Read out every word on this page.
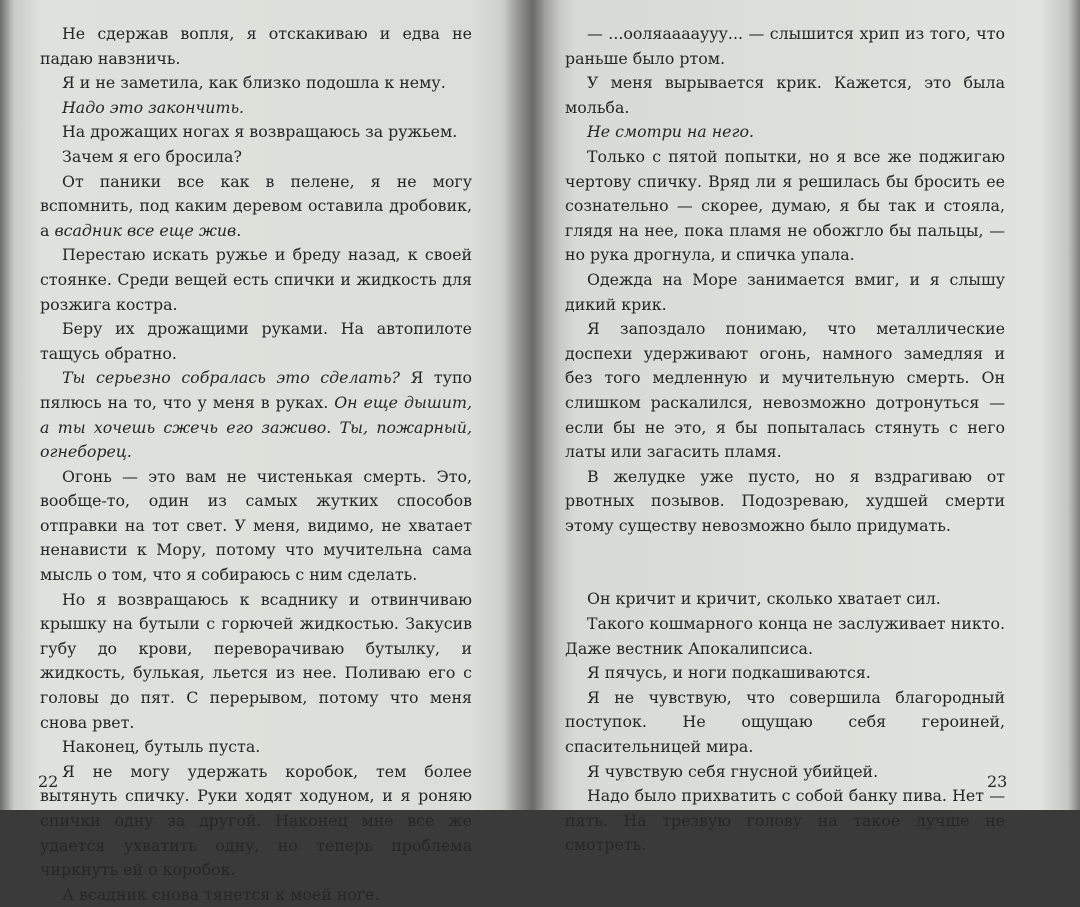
Не сдержав вопля, я отскакиваю и едва не падаю навзничь.

Я и не заметила, как близко подошла к нему.

Надо это закончить.

На дрожащих ногах я возвращаюсь за ружьем.

Зачем я его бросила?

От паники все как в пелене, я не могу вспомнить, под каким деревом оставила дробовик, а всадник все еще жив.

Перестаю искать ружье и бреду назад, к своей стоянке. Среди вещей есть спички и жидкость для розжига костра.

Беру их дрожащими руками. На автопилоте тащусь обратно.

Ты серьезно собралась это сделать? Я тупо пялюсь на то, что у меня в руках. Он еще дышит, а ты хочешь сжечь его заживо. Ты, пожарный, огнеборец.

Огонь — это вам не чистенькая смерть. Это, вообще-то, один из самых жутких способов отправки на тот свет. У меня, видимо, не хватает ненависти к Мору, потому что мучительна сама мысль о том, что я собираюсь с ним сделать.

Но я возвращаюсь к всаднику и отвинчиваю крышку на бутыли с горючей жидкостью. Закусив губу до крови, переворачиваю бутылку, и жидкость, булькая, льется из нее. Поливаю его с головы до пят. С перерывом, потому что меня снова рвет.

Наконец, бутыль пуста.

Я не могу удержать коробок, тем более вытянуть спичку. Руки ходят ходуном, и я роняю спички одну за другой. Наконец мне все же удается ухватить одну, но теперь проблема чиркнуть ей о коробок.

А всадник снова тянется к моей ноге.

22

— ...ооляааааууу... — слышится хрип из того, что раньше было ртом.

У меня вырывается крик. Кажется, это была мольба.

Не смотри на него.

Только с пятой попытки, но я все же поджигаю чертову спичку. Вряд ли я решилась бы бросить ее сознательно — скорее, думаю, я бы так и стояла, глядя на нее, пока пламя не обожгло бы пальцы, — но рука дрогнула, и спичка упала.

Одежда на Море занимается вмиг, и я слышу дикий крик.

Я запоздало понимаю, что металлические доспехи удерживают огонь, намного замедляя и без того медленную и мучительную смерть. Он слишком раскалился, невозможно дотронуться — если бы не это, я бы попыталась стянуть с него латы или загасить пламя.

В желудке уже пусто, но я вздрагиваю от рвотных позывов. Подозреваю, худшей смерти этому существу невозможно было придумать.

Он кричит и кричит, сколько хватает сил.

Такого кошмарного конца не заслуживает никто. Даже вестник Апокалипсиса.

Я пячусь, и ноги подкашиваются.

Я не чувствую, что совершила благородный поступок. Не ощущаю себя героиней, спасительницей мира.

Я чувствую себя гнусной убийцей.

Надо было прихватить с собой банку пива. Нет — пять. На трезвую голову на такое лучше не смотреть.

23
